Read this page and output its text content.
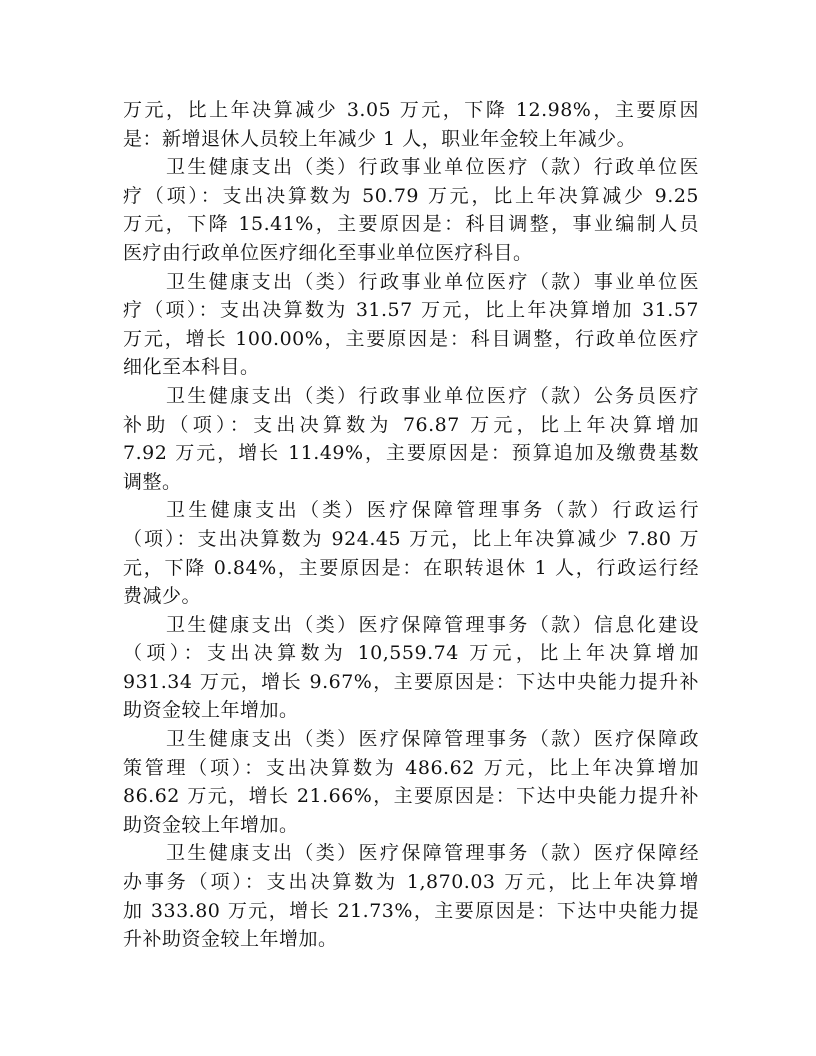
万元，比上年决算减少 3.05 万元，下降 12.98%，主要原因
是：新增退休人员较上年减少 1 人，职业年金较上年减少。
卫生健康支出（类）行政事业单位医疗（款）行政单位医
疗（项）：支出决算数为 50.79 万元，比上年决算减少 9.25
万元，下降 15.41%，主要原因是：科目调整，事业编制人员
医疗由行政单位医疗细化至事业单位医疗科目。
卫生健康支出（类）行政事业单位医疗（款）事业单位医
疗（项）：支出决算数为 31.57 万元，比上年决算增加 31.57
万元，增长 100.00%，主要原因是：科目调整，行政单位医疗
细化至本科目。
卫生健康支出（类）行政事业单位医疗（款）公务员医疗
补助（项）：支出决算数为 76.87 万元，比上年决算增加
7.92 万元，增长 11.49%，主要原因是：预算追加及缴费基数
调整。
卫生健康支出（类）医疗保障管理事务（款）行政运行
（项）：支出决算数为 924.45 万元，比上年决算减少 7.80 万
元，下降 0.84%，主要原因是：在职转退休 1 人，行政运行经
费减少。
卫生健康支出（类）医疗保障管理事务（款）信息化建设
（项）：支出决算数为 10,559.74 万元，比上年决算增加
931.34 万元，增长 9.67%，主要原因是：下达中央能力提升补
助资金较上年增加。
卫生健康支出（类）医疗保障管理事务（款）医疗保障政
策管理（项）：支出决算数为 486.62 万元，比上年决算增加
86.62 万元，增长 21.66%，主要原因是：下达中央能力提升补
助资金较上年增加。
卫生健康支出（类）医疗保障管理事务（款）医疗保障经
办事务（项）：支出决算数为 1,870.03 万元，比上年决算增
加 333.80 万元，增长 21.73%，主要原因是：下达中央能力提
升补助资金较上年增加。
